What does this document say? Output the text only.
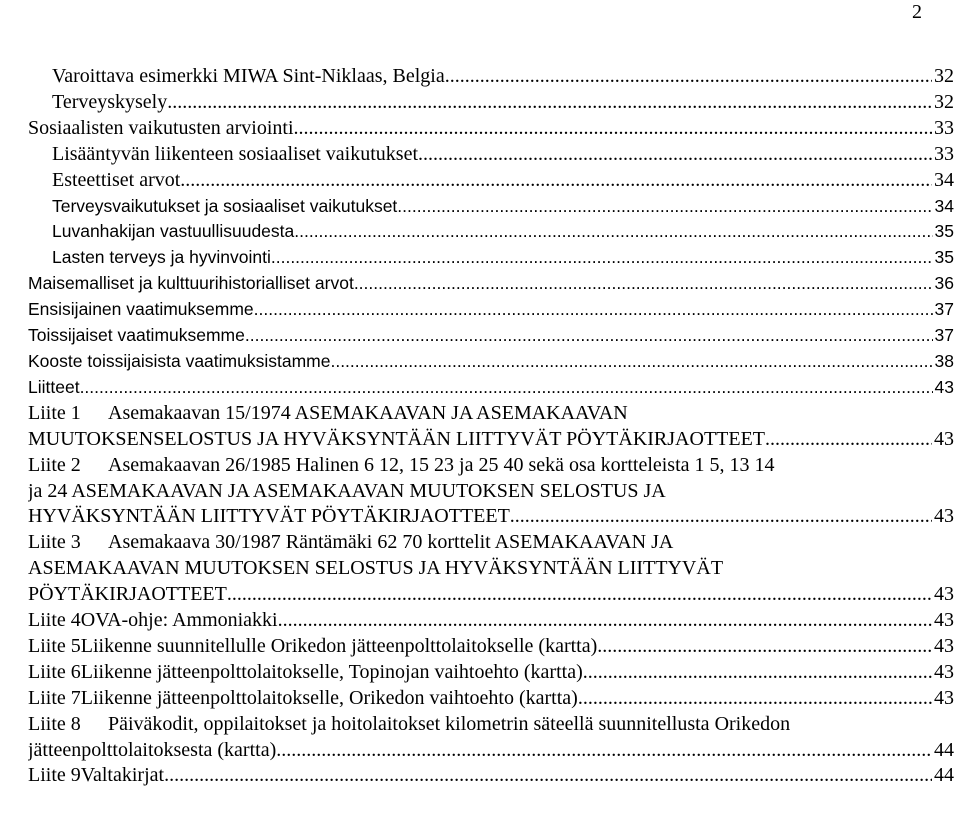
2
Varoittava esimerkki MIWA Sint-Niklaas, Belgia .....	32
Terveyskysely .....	32
Sosiaalisten vaikutusten arviointi .....	33
Lisääntyvän liikenteen sosiaaliset vaikutukset .....	33
Esteettiset arvot .....	34
Terveysvaikutukset ja sosiaaliset vaikutukset .....	34
Luvanhakijan vastuullisuudesta .....	35
Lasten terveys ja hyvinvointi .....	35
Maisemalliset ja kulttuurihistorialliset arvot .....	36
Ensisijainen vaatimuksemme .....	37
Toissijaiset vaatimuksemme .....	37
Kooste toissijaisista vaatimuksistamme .....	38
Liitteet .....	43
Liite 1	Asemakaavan 15/1974 ASEMAKAAVAN JA ASEMAKAAVAN
MUUTOKSENSELOSTUS JA HYVÄKSYNTÄÄN LIITTYVÄT PÖYTÄKIRJAOTTEET .....	43
Liite 2	Asemakaavan 26/1985 Halinen 6 12, 15 23 ja 25 40 sekä osa kortteleista 1 5, 13 14
ja 24 ASEMAKAAVAN JA ASEMAKAAVAN MUUTOKSEN SELOSTUS JA
HYVÄKSYNTÄÄN LIITTYVÄT PÖYTÄKIRJAOTTEET .....	43
Liite 3	Asemakaava 30/1987 Räntämäki 62 70 korttelit ASEMAKAAVAN JA
ASEMAKAAVAN MUUTOKSEN SELOSTUS JA HYVÄKSYNTÄÄN LIITTYVÄT
PÖYTÄKIRJAOTTEET .....	43
Liite 4 OVA-ohje: Ammoniakki .....	43
Liite 5 Liikenne suunnitellulle Orikedon jätteenpolttolaitokselle (kartta) .....	43
Liite 6 Liikenne jätteenpolttolaitokselle, Topinojan vaihtoehto (kartta) .....	43
Liite 7 Liikenne jätteenpolttolaitokselle, Orikedon vaihtoehto (kartta) .....	43
Liite 8	Päiväkodit, oppilaitokset ja hoitolaitokset kilometrin säteellä suunnitellusta Orikedon
jätteenpolttolaitoksesta (kartta) .....	44
Liite 9 Valtakirjat .....	44
